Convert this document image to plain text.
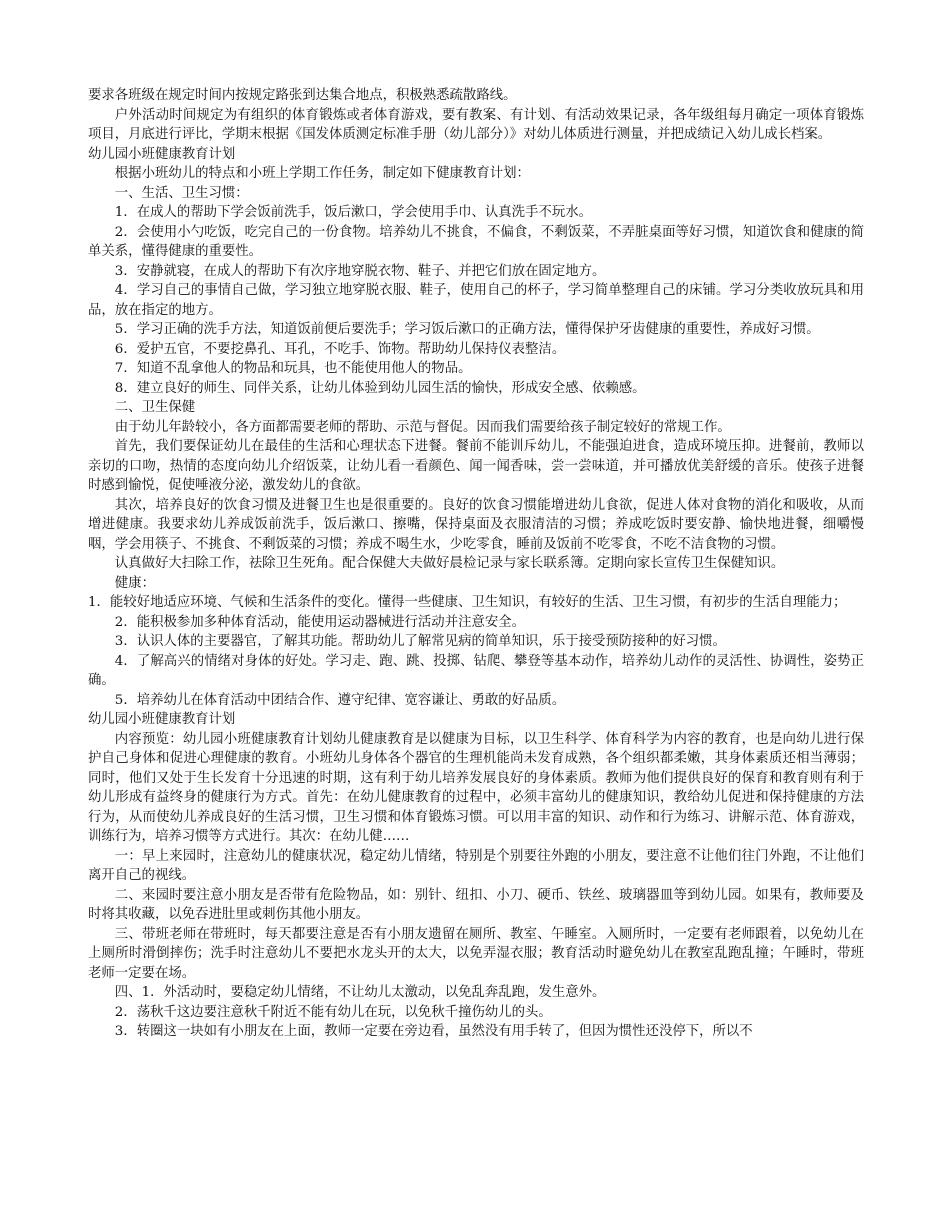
要求各班级在规定时间内按规定路张到达集合地点，积极熟悉疏散路线。

户外活动时间规定为有组织的体育锻炼或者体育游戏，要有教案、有计划、有活动效果记录，各年级组每月确定一项体育锻炼项目，月底进行评比，学期末根据《国发体质测定标准手册（幼儿部分）》对幼儿体质进行测量，并把成绩记入幼儿成长档案。

幼儿园小班健康教育计划

根据小班幼儿的特点和小班上学期工作任务，制定如下健康教育计划：

一、生活、卫生习惯：

1．在成人的帮助下学会饭前洗手，饭后漱口，学会使用手巾、认真洗手不玩水。

2．会使用小勺吃饭，吃完自己的一份食物。培养幼儿不挑食，不偏食，不剩饭菜，不弄脏桌面等好习惯，知道饮食和健康的简单关系，懂得健康的重要性。

3．安静就寝，在成人的帮助下有次序地穿脱衣物、鞋子、并把它们放在固定地方。

4．学习自己的事情自己做，学习独立地穿脱衣服、鞋子，使用自己的杯子，学习简单整理自己的床铺。学习分类收放玩具和用品，放在指定的地方。

5．学习正确的洗手方法，知道饭前便后要洗手；学习饭后漱口的正确方法，懂得保护牙齿健康的重要性，养成好习惯。

6．爱护五官，不要挖鼻孔、耳孔，不吃手、饰物。帮助幼儿保持仪表整洁。

7．知道不乱拿他人的物品和玩具，也不能使用他人的物品。

8．建立良好的师生、同伴关系，让幼儿体验到幼儿园生活的愉快，形成安全感、依赖感。

二、卫生保健

由于幼儿年龄较小，各方面都需要老师的帮助、示范与督促。因而我们需要给孩子制定较好的常规工作。

首先，我们要保证幼儿在最佳的生活和心理状态下进餐。餐前不能训斥幼儿，不能强迫进食，造成环境压抑。进餐前，教师以亲切的口吻，热情的态度向幼儿介绍饭菜，让幼儿看一看颜色、闻一闻香味，尝一尝味道，并可播放优美舒缓的音乐。使孩子进餐时感到愉悦，促使唾液分泌，激发幼儿的食欲。

其次，培养良好的饮食习惯及进餐卫生也是很重要的。良好的饮食习惯能增进幼儿食欲，促进人体对食物的消化和吸收，从而增进健康。我要求幼儿养成饭前洗手，饭后漱口、擦嘴，保持桌面及衣服清洁的习惯；养成吃饭时要安静、愉快地进餐，细嚼慢咽，学会用筷子、不挑食、不剩饭菜的习惯；养成不喝生水，少吃零食，睡前及饭前不吃零食，不吃不洁食物的习惯。

认真做好大扫除工作，祛除卫生死角。配合保健大夫做好晨检记录与家长联系簿。定期向家长宣传卫生保健知识。

健康：

1．能较好地适应环境、气候和生活条件的变化。懂得一些健康、卫生知识，有较好的生活、卫生习惯，有初步的生活自理能力；

2．能积极参加多种体育活动，能使用运动器械进行活动并注意安全。

3．认识人体的主要器官，了解其功能。帮助幼儿了解常见病的简单知识，乐于接受预防接种的好习惯。

4．了解高兴的情绪对身体的好处。学习走、跑、跳、投掷、钻爬、攀登等基本动作，培养幼儿动作的灵活性、协调性，姿势正确。

5．培养幼儿在体育活动中团结合作、遵守纪律、宽容谦让、勇敢的好品质。

幼儿园小班健康教育计划

内容预览：幼儿园小班健康教育计划幼儿健康教育是以健康为目标，以卫生科学、体育科学为内容的教育，也是向幼儿进行保护自己身体和促进心理健康的教育。小班幼儿身体各个器官的生理机能尚未发育成熟，各个组织都柔嫩，其身体素质还相当薄弱；同时，他们又处于生长发育十分迅速的时期，这有利于幼儿培养发展良好的身体素质。教师为他们提供良好的保育和教育则有利于幼儿形成有益终身的健康行为方式。首先：在幼儿健康教育的过程中，必须丰富幼儿的健康知识，教给幼儿促进和保持健康的方法行为，从而使幼儿养成良好的生活习惯，卫生习惯和体育锻炼习惯。可以用丰富的知识、动作和行为练习、讲解示范、体育游戏，训练行为，培养习惯等方式进行。其次：在幼儿健……

一：早上来园时，注意幼儿的健康状况，稳定幼儿情绪，特别是个别要往外跑的小朋友，要注意不让他们往门外跑，不让他们离开自己的视线。

二、来园时要注意小朋友是否带有危险物品，如：别针、纽扣、小刀、硬币、铁丝、玻璃器皿等到幼儿园。如果有，教师要及时将其收藏，以免吞进肚里或刺伤其他小朋友。

三、带班老师在带班时，每天都要注意是否有小朋友遗留在厕所、教室、午睡室。入厕所时，一定要有老师跟着，以免幼儿在上厕所时滑倒摔伤；洗手时注意幼儿不要把水龙头开的太大，以免弄湿衣服；教育活动时避免幼儿在教室乱跑乱撞；午睡时，带班老师一定要在场。

四、1．外活动时，要稳定幼儿情绪，不让幼儿太激动，以免乱奔乱跑，发生意外。

2．荡秋千这边要注意秋千附近不能有幼儿在玩，以免秋千撞伤幼儿的头。

3．转圈这一块如有小朋友在上面，教师一定要在旁边看，虽然没有用手转了，但因为惯性还没停下，所以不
